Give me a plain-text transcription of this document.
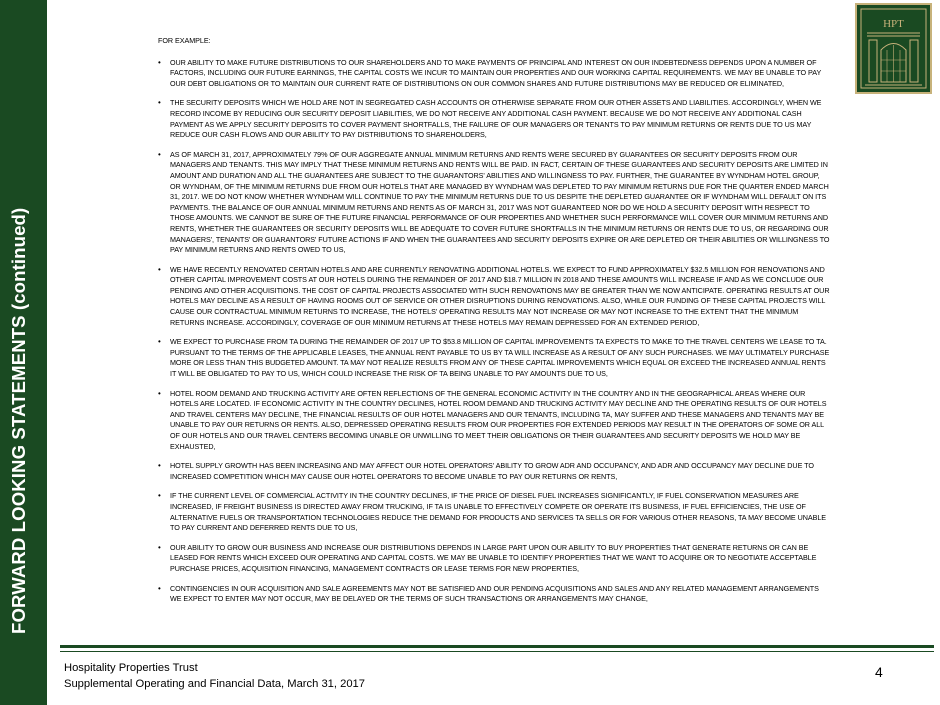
FORWARD LOOKING STATEMENTS (continued)
HPT
FOR EXAMPLE:
• OUR ABILITY TO MAKE FUTURE DISTRIBUTIONS TO OUR SHAREHOLDERS AND TO MAKE PAYMENTS OF PRINCIPAL AND INTEREST ON OUR INDEBTEDNESS DEPENDS UPON A NUMBER OF FACTORS, INCLUDING OUR FUTURE EARNINGS, THE CAPITAL COSTS WE INCUR TO MAINTAIN OUR PROPERTIES AND OUR WORKING CAPITAL REQUIREMENTS. WE MAY BE UNABLE TO PAY OUR DEBT OBLIGATIONS OR TO MAINTAIN OUR CURRENT RATE OF DISTRIBUTIONS ON OUR COMMON SHARES AND FUTURE DISTRIBUTIONS MAY BE REDUCED OR ELIMINATED,
• THE SECURITY DEPOSITS WHICH WE HOLD ARE NOT IN SEGREGATED CASH ACCOUNTS OR OTHERWISE SEPARATE FROM OUR OTHER ASSETS AND LIABILITIES. ACCORDINGLY, WHEN WE RECORD INCOME BY REDUCING OUR SECURITY DEPOSIT LIABILITIES, WE DO NOT RECEIVE ANY ADDITIONAL CASH PAYMENT. BECAUSE WE DO NOT RECEIVE ANY ADDITIONAL CASH PAYMENT AS WE APPLY SECURITY DEPOSITS TO COVER PAYMENT SHORTFALLS, THE FAILURE OF OUR MANAGERS OR TENANTS TO PAY MINIMUM RETURNS OR RENTS DUE TO US MAY REDUCE OUR CASH FLOWS AND OUR ABILITY TO PAY DISTRIBUTIONS TO SHAREHOLDERS,
• AS OF MARCH 31, 2017, APPROXIMATELY 79% OF OUR AGGREGATE ANNUAL MINIMUM RETURNS AND RENTS WERE SECURED BY GUARANTEES OR SECURITY DEPOSITS FROM OUR MANAGERS AND TENANTS. THIS MAY IMPLY THAT THESE MINIMUM RETURNS AND RENTS WILL BE PAID. IN FACT, CERTAIN OF THESE GUARANTEES AND SECURITY DEPOSITS ARE LIMITED IN AMOUNT AND DURATION AND ALL THE GUARANTEES ARE SUBJECT TO THE GUARANTORS' ABILITIES AND WILLINGNESS TO PAY. FURTHER, THE GUARANTEE BY WYNDHAM HOTEL GROUP, OR WYNDHAM, OF THE MINIMUM RETURNS DUE FROM OUR HOTELS THAT ARE MANAGED BY WYNDHAM WAS DEPLETED TO PAY MINIMUM RETURNS DUE FOR THE QUARTER ENDED MARCH 31, 2017. WE DO NOT KNOW WHETHER WYNDHAM WILL CONTINUE TO PAY THE MINIMUM RETURNS DUE TO US DESPITE THE DEPLETED GUARANTEE OR IF WYNDHAM WILL DEFAULT ON ITS PAYMENTS. THE BALANCE OF OUR ANNUAL MINIMUM RETURNS AND RENTS AS OF MARCH 31, 2017 WAS NOT GUARANTEED NOR DO WE HOLD A SECURITY DEPOSIT WITH RESPECT TO THOSE AMOUNTS. WE CANNOT BE SURE OF THE FUTURE FINANCIAL PERFORMANCE OF OUR PROPERTIES AND WHETHER SUCH PERFORMANCE WILL COVER OUR MINIMUM RETURNS AND RENTS, WHETHER THE GUARANTEES OR SECURITY DEPOSITS WILL BE ADEQUATE TO COVER FUTURE SHORTFALLS IN THE MINIMUM RETURNS OR RENTS DUE TO US, OR REGARDING OUR MANAGERS', TENANTS' OR GUARANTORS' FUTURE ACTIONS IF AND WHEN THE GUARANTEES AND SECURITY DEPOSITS EXPIRE OR ARE DEPLETED OR THEIR ABILITIES OR WILLINGNESS TO PAY MINIMUM RETURNS AND RENTS OWED TO US,
• WE HAVE RECENTLY RENOVATED CERTAIN HOTELS AND ARE CURRENTLY RENOVATING ADDITIONAL HOTELS. WE EXPECT TO FUND APPROXIMATELY $32.5 MILLION FOR RENOVATIONS AND OTHER CAPITAL IMPROVEMENT COSTS AT OUR HOTELS DURING THE REMAINDER OF 2017 AND $18.7 MILLION IN 2018 AND THESE AMOUNTS WILL INCREASE IF AND AS WE CONCLUDE OUR PENDING AND OTHER ACQUISITIONS. THE COST OF CAPITAL PROJECTS ASSOCIATED WITH SUCH RENOVATIONS MAY BE GREATER THAN WE NOW ANTICIPATE. OPERATING RESULTS AT OUR HOTELS MAY DECLINE AS A RESULT OF HAVING ROOMS OUT OF SERVICE OR OTHER DISRUPTIONS DURING RENOVATIONS. ALSO, WHILE OUR FUNDING OF THESE CAPITAL PROJECTS WILL CAUSE OUR CONTRACTUAL MINIMUM RETURNS TO INCREASE, THE HOTELS' OPERATING RESULTS MAY NOT INCREASE OR MAY NOT INCREASE TO THE EXTENT THAT THE MINIMUM RETURNS INCREASE. ACCORDINGLY, COVERAGE OF OUR MINIMUM RETURNS AT THESE HOTELS MAY REMAIN DEPRESSED FOR AN EXTENDED PERIOD,
• WE EXPECT TO PURCHASE FROM TA DURING THE REMAINDER OF 2017 UP TO $53.8 MILLION OF CAPITAL IMPROVEMENTS TA EXPECTS TO MAKE TO THE TRAVEL CENTERS WE LEASE TO TA. PURSUANT TO THE TERMS OF THE APPLICABLE LEASES, THE ANNUAL RENT PAYABLE TO US BY TA WILL INCREASE AS A RESULT OF ANY SUCH PURCHASES. WE MAY ULTIMATELY PURCHASE MORE OR LESS THAN THIS BUDGETED AMOUNT. TA MAY NOT REALIZE RESULTS FROM ANY OF THESE CAPITAL IMPROVEMENTS WHICH EQUAL OR EXCEED THE INCREASED ANNUAL RENTS IT WILL BE OBLIGATED TO PAY TO US, WHICH COULD INCREASE THE RISK OF TA BEING UNABLE TO PAY AMOUNTS DUE TO US,
• HOTEL ROOM DEMAND AND TRUCKING ACTIVITY ARE OFTEN REFLECTIONS OF THE GENERAL ECONOMIC ACTIVITY IN THE COUNTRY AND IN THE GEOGRAPHICAL AREAS WHERE OUR HOTELS ARE LOCATED. IF ECONOMIC ACTIVITY IN THE COUNTRY DECLINES, HOTEL ROOM DEMAND AND TRUCKING ACTIVITY MAY DECLINE AND THE OPERATING RESULTS OF OUR HOTELS AND TRAVEL CENTERS MAY DECLINE, THE FINANCIAL RESULTS OF OUR HOTEL MANAGERS AND OUR TENANTS, INCLUDING TA, MAY SUFFER AND THESE MANAGERS AND TENANTS MAY BE UNABLE TO PAY OUR RETURNS OR RENTS. ALSO, DEPRESSED OPERATING RESULTS FROM OUR PROPERTIES FOR EXTENDED PERIODS MAY RESULT IN THE OPERATORS OF SOME OR ALL OF OUR HOTELS AND OUR TRAVEL CENTERS BECOMING UNABLE OR UNWILLING TO MEET THEIR OBLIGATIONS OR THEIR GUARANTEES AND SECURITY DEPOSITS WE HOLD MAY BE EXHAUSTED,
• HOTEL SUPPLY GROWTH HAS BEEN INCREASING AND MAY AFFECT OUR HOTEL OPERATORS' ABILITY TO GROW ADR AND OCCUPANCY, AND ADR AND OCCUPANCY MAY DECLINE DUE TO INCREASED COMPETITION WHICH MAY CAUSE OUR HOTEL OPERATORS TO BECOME UNABLE TO PAY OUR RETURNS OR RENTS,
• IF THE CURRENT LEVEL OF COMMERCIAL ACTIVITY IN THE COUNTRY DECLINES, IF THE PRICE OF DIESEL FUEL INCREASES SIGNIFICANTLY, IF FUEL CONSERVATION MEASURES ARE INCREASED, IF FREIGHT BUSINESS IS DIRECTED AWAY FROM TRUCKING, IF TA IS UNABLE TO EFFECTIVELY COMPETE OR OPERATE ITS BUSINESS, IF FUEL EFFICIENCIES, THE USE OF ALTERNATIVE FUELS OR TRANSPORTATION TECHNOLOGIES REDUCE THE DEMAND FOR PRODUCTS AND SERVICES TA SELLS OR FOR VARIOUS OTHER REASONS, TA MAY BECOME UNABLE TO PAY CURRENT AND DEFERRED RENTS DUE TO US,
• OUR ABILITY TO GROW OUR BUSINESS AND INCREASE OUR DISTRIBUTIONS DEPENDS IN LARGE PART UPON OUR ABILITY TO BUY PROPERTIES THAT GENERATE RETURNS OR CAN BE LEASED FOR RENTS WHICH EXCEED OUR OPERATING AND CAPITAL COSTS. WE MAY BE UNABLE TO IDENTIFY PROPERTIES THAT WE WANT TO ACQUIRE OR TO NEGOTIATE ACCEPTABLE PURCHASE PRICES, ACQUISITION FINANCING, MANAGEMENT CONTRACTS OR LEASE TERMS FOR NEW PROPERTIES,
• CONTINGENCIES IN OUR ACQUISITION AND SALE AGREEMENTS MAY NOT BE SATISFIED AND OUR PENDING ACQUISITIONS AND SALES AND ANY RELATED MANAGEMENT ARRANGEMENTS WE EXPECT TO ENTER MAY NOT OCCUR, MAY BE DELAYED OR THE TERMS OF SUCH TRANSACTIONS OR ARRANGEMENTS MAY CHANGE,
Hospitality Properties Trust
Supplemental Operating and Financial Data, March 31, 2017
4
